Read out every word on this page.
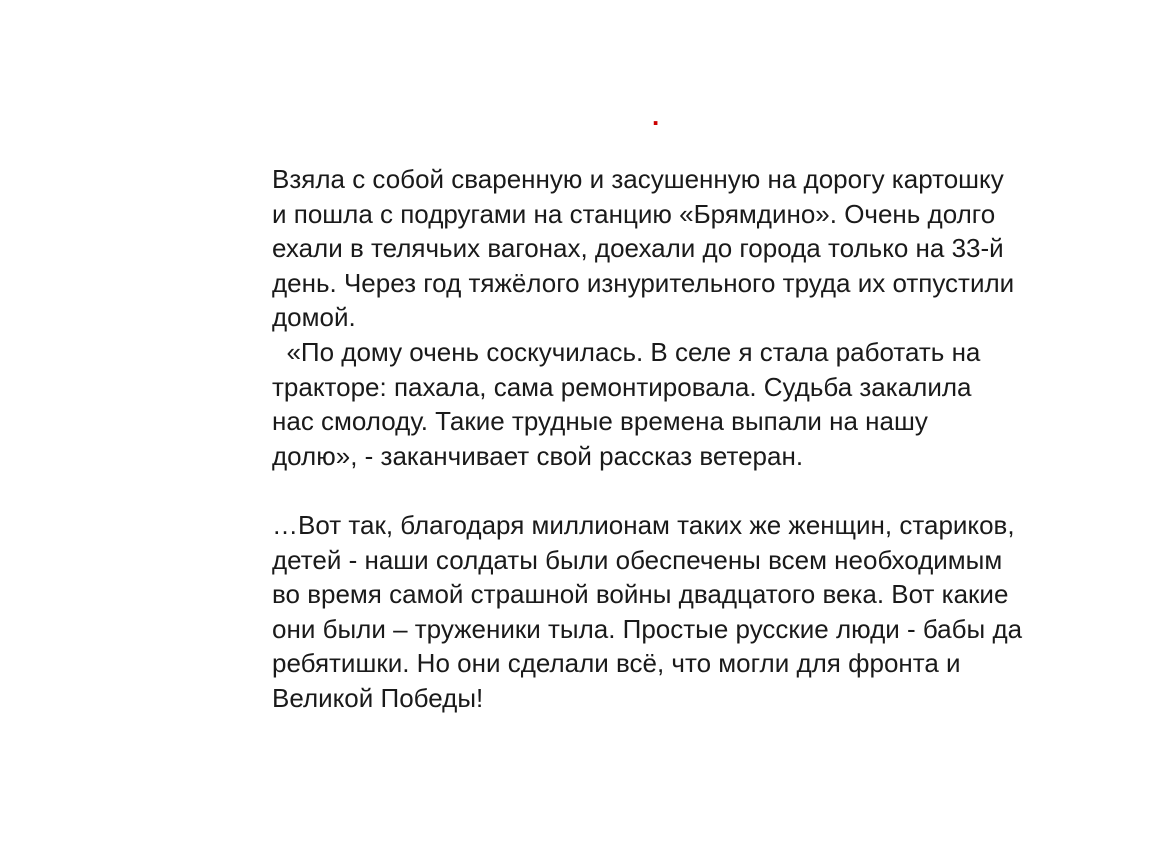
.
Взяла с собой сваренную и засушенную на дорогу картошку
и пошла с подругами на станцию «Брямдино». Очень долго
ехали в телячьих вагонах, доехали до города только на 33-й
день. Через год тяжёлого изнурительного труда их отпустили
домой.
«По дому очень соскучилась. В селе я стала работать на
тракторе: пахала, сама ремонтировала. Судьба закалила
нас смолоду. Такие трудные времена выпали на нашу
долю», - заканчивает свой рассказ ветеран.
…Вот так, благодаря миллионам таких же женщин, стариков,
детей - наши солдаты были обеспечены всем необходимым
во время самой страшной войны двадцатого века. Вот какие
они были – труженики тыла. Простые русские люди - бабы да
ребятишки. Но они сделали всё, что могли для фронта и
Великой Победы!
